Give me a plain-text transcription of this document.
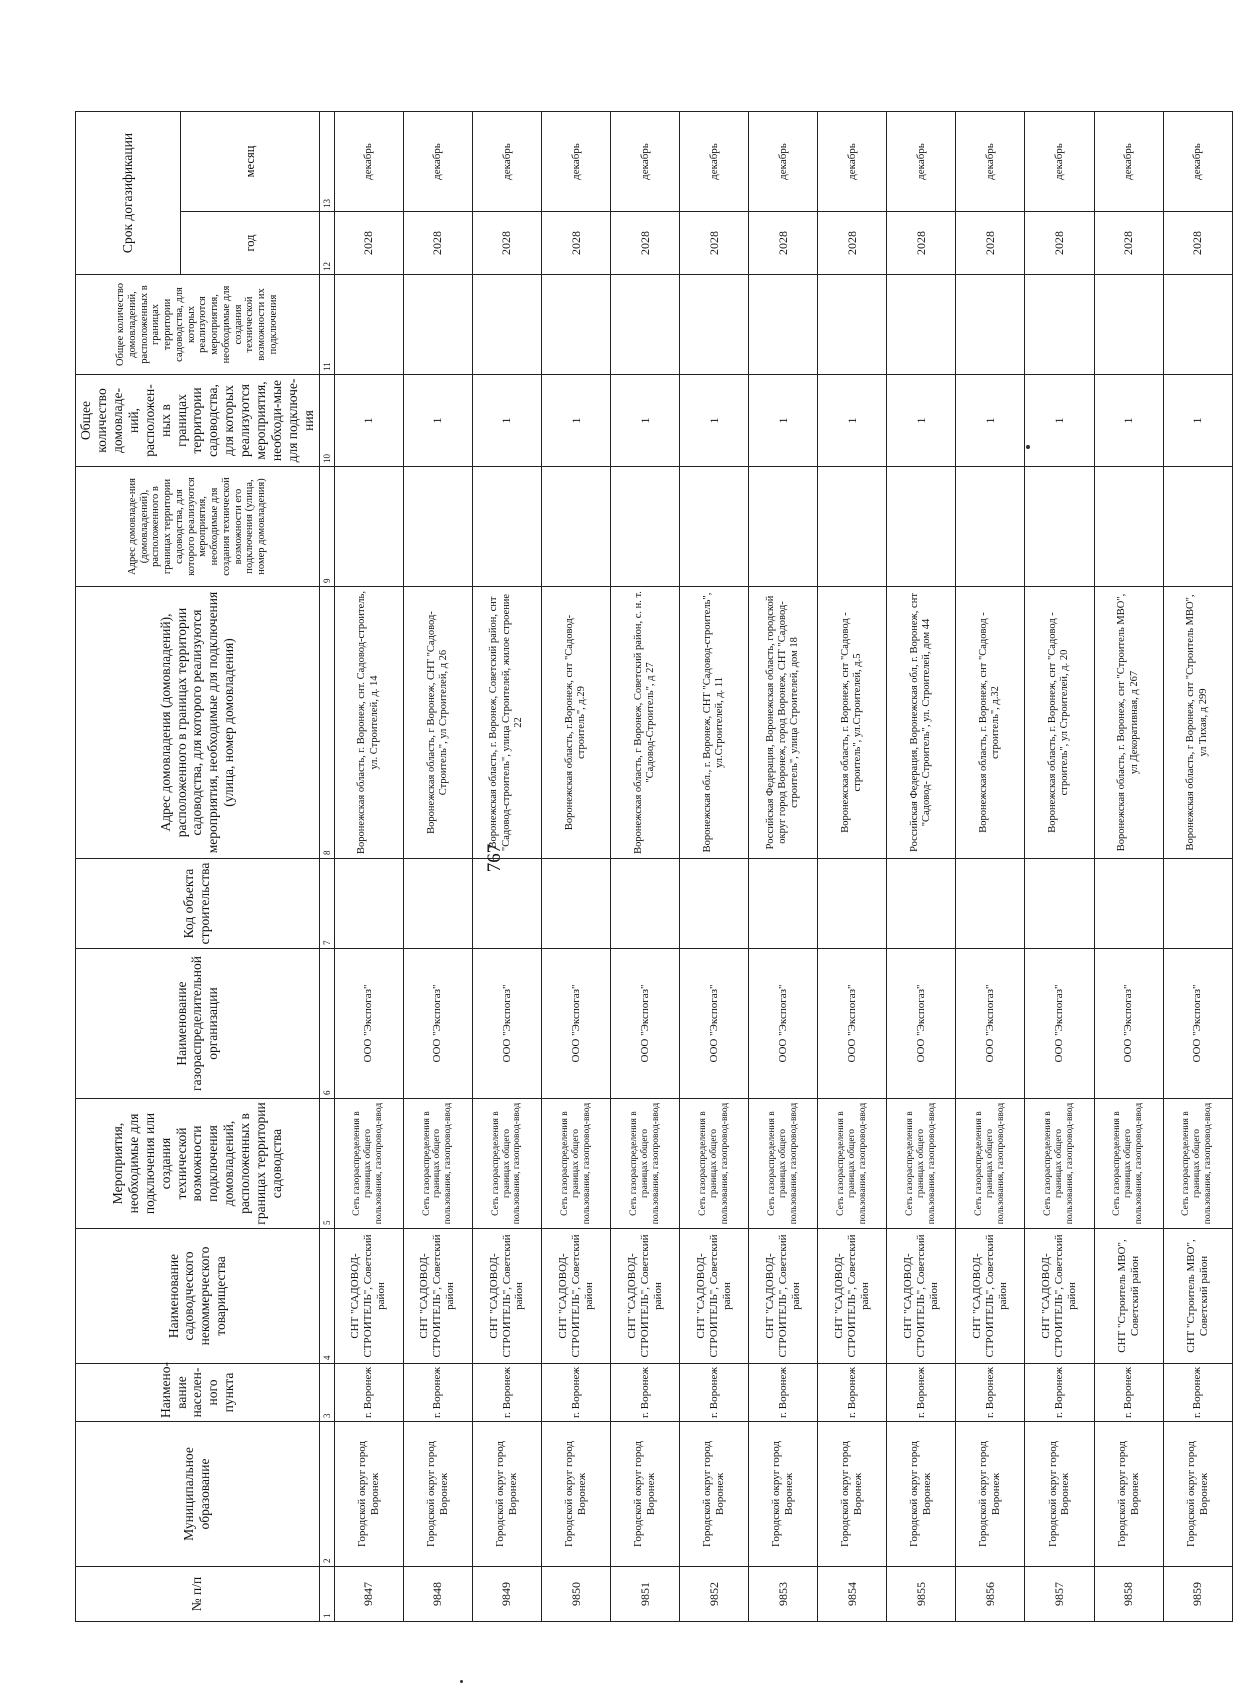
767
№ п/п	Муниципальное образование	Наимено-вание населен-ного пункта	Наименование садоводческого некоммерческого товарищества	Мероприятия, необходимые для подключения или создания технической возможности подключения домовладений, расположенных в границах территории садоводства	Наименование газораспределительной организации	Код объекта строительства	Адрес домовладения (домовладений), расположенного в границах территории садоводства, для которого реализуются мероприятия, необходимые для подключения (улица, номер домовладения)	Адрес домовладе-ния (домовладений), расположенного в границах территории садоводства, для которого реализуются мероприятия, необходимые для создания технической возможности его подключения (улица, номер домовладения)	Общее количество домовладе-ний, расположен-ных в границах территории садоводства, для которых реализуются мероприятия, необходи-мые для подключе-ния	Общее количество домовладений, расположенных в границах территории садоводства, для которых реализуются мероприятия, необходимые для создания технической возможности их подключения	Срок догазификации	
											год	месяц
1	2	3	4	5	6	7	8	9	10	11	12	13
9847	Городской округ город Воронеж	г. Воронеж	СНТ "САДОВОД-СТРОИТЕЛЬ", Советский район	Сеть газораспределения в границах общего пользования, газопровод-ввод	ООО "Экспогаз"		Воронежская область, г. Воронеж, снт. Садовод-строитель, ул. Строителей, д. 14		1		2028	декабрь
9848	Городской округ город Воронеж	г. Воронеж	СНТ "САДОВОД-СТРОИТЕЛЬ", Советский район	Сеть газораспределения в границах общего пользования, газопровод-ввод	ООО "Экспогаз"		Воронежская область, г Воронеж, СНТ "Садовод-Строитель", ул Строителей, д 26		1		2028	декабрь
9849	Городской округ город Воронеж	г. Воронеж	СНТ "САДОВОД-СТРОИТЕЛЬ", Советский район	Сеть газораспределения в границах общего пользования, газопровод-ввод	ООО "Экспогаз"		Воронежская область, г. Воронеж, Советский район, снт "Садовод-строитель", улица Строителей, жилое строение 22		1		2028	декабрь
9850	Городской округ город Воронеж	г. Воронеж	СНТ "САДОВОД-СТРОИТЕЛЬ", Советский район	Сеть газораспределения в границах общего пользования, газопровод-ввод	ООО "Экспогаз"		Воронежская область, г.Воронеж, снт "Садовод-строитель", д.29		1		2028	декабрь
9851	Городской округ город Воронеж	г. Воронеж	СНТ "САДОВОД-СТРОИТЕЛЬ", Советский район	Сеть газораспределения в границах общего пользования, газопровод-ввод	ООО "Экспогаз"		Воронежская область, г Воронеж, Советский район, с. н. т. "Садовод-Строитель", д 27		1		2028	декабрь
9852	Городской округ город Воронеж	г. Воронеж	СНТ "САДОВОД-СТРОИТЕЛЬ", Советский район	Сеть газораспределения в границах общего пользования, газопровод-ввод	ООО "Экспогаз"		Воронежская обл., г. Воронеж, СНТ "Садовод-строитель", ул.Строителей, д. 11		1		2028	декабрь
9853	Городской округ город Воронеж	г. Воронеж	СНТ "САДОВОД-СТРОИТЕЛЬ", Советский район	Сеть газораспределения в границах общего пользования, газопровод-ввод	ООО "Экспогаз"		Российская Федерация, Воронежская область, городской округ город Воронеж, город Воронеж, СНТ "Садовод-строитель", улица Строителей, дом 18		1		2028	декабрь
9854	Городской округ город Воронеж	г. Воронеж	СНТ "САДОВОД-СТРОИТЕЛЬ", Советский район	Сеть газораспределения в границах общего пользования, газопровод-ввод	ООО "Экспогаз"		Воронежская область, г. Воронеж, снт "Садовод - строитель", ул.Строителей, д.5		1		2028	декабрь
9855	Городской округ город Воронеж	г. Воронеж	СНТ "САДОВОД-СТРОИТЕЛЬ", Советский район	Сеть газораспределения в границах общего пользования, газопровод-ввод	ООО "Экспогаз"		Российская Федерация, Воронежская обл, г. Воронеж, снт "Садовод- Строитель", ул. Строителей, дом 44		1		2028	декабрь
9856	Городской округ город Воронеж	г. Воронеж	СНТ "САДОВОД-СТРОИТЕЛЬ", Советский район	Сеть газораспределения в границах общего пользования, газопровод-ввод	ООО "Экспогаз"		Воронежская область, г. Воронеж, снт "Садовод - строитель", д.32		1		2028	декабрь
9857	Городской округ город Воронеж	г. Воронеж	СНТ "САДОВОД-СТРОИТЕЛЬ", Советский район	Сеть газораспределения в границах общего пользования, газопровод-ввод	ООО "Экспогаз"		Воронежская область, г. Воронеж, снт "Садовод - строитель", ул Строителей, д. 20		1		2028	декабрь
9858	Городской округ город Воронеж	г. Воронеж	СНТ "Строитель МВО", Советский район	Сеть газораспределения в границах общего пользования, газопровод-ввод	ООО "Экспогаз"		Воронежская область, г. Воронеж, снт "Строитель МВО", ул Декоративная, д 267		1		2028	декабрь
9859	Городской округ город Воронеж	г. Воронеж	СНТ "Строитель МВО", Советский район	Сеть газораспределения в границах общего пользования, газопровод-ввод	ООО "Экспогаз"		Воронежская область, г Воронеж, снт "Строитель МВО", ул Тихая, д 299		1		2028	декабрь
